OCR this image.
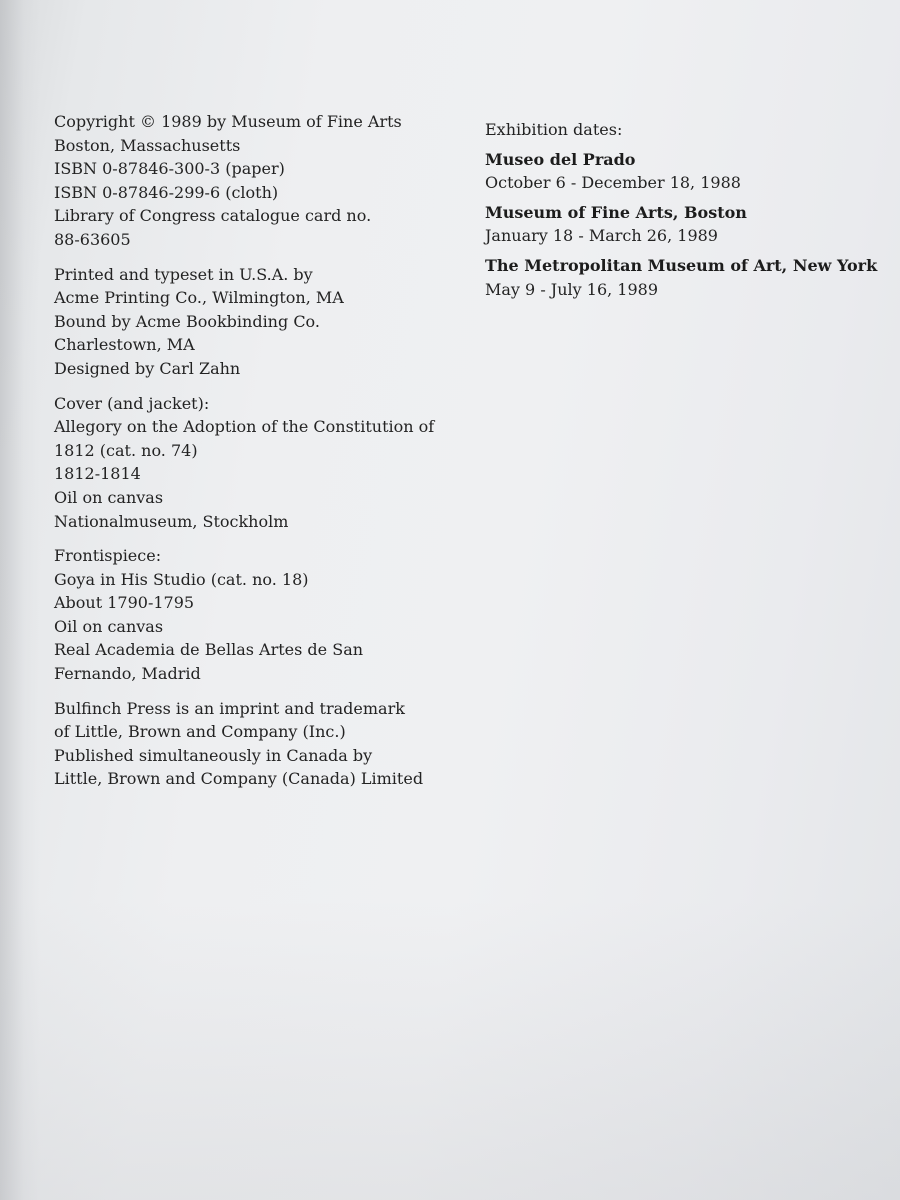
Copyright © 1989 by Museum of Fine Arts
Boston, Massachusetts
ISBN 0-87846-300-3 (paper)
ISBN 0-87846-299-6 (cloth)
Library of Congress catalogue card no.
88-63605
Printed and typeset in U.S.A. by
Acme Printing Co., Wilmington, MA
Bound by Acme Bookbinding Co.
Charlestown, MA
Designed by Carl Zahn
Cover (and jacket):
Allegory on the Adoption of the Constitution of
1812 (cat. no. 74)
1812-1814
Oil on canvas
Nationalmuseum, Stockholm
Frontispiece:
Goya in His Studio (cat. no. 18)
About 1790-1795
Oil on canvas
Real Academia de Bellas Artes de San
Fernando, Madrid
Bulfinch Press is an imprint and trademark
of Little, Brown and Company (Inc.)
Published simultaneously in Canada by
Little, Brown and Company (Canada) Limited
Exhibition dates:
Museo del Prado
October 6 - December 18, 1988
Museum of Fine Arts, Boston
January 18 - March 26, 1989
The Metropolitan Museum of Art, New York
May 9 - July 16, 1989
